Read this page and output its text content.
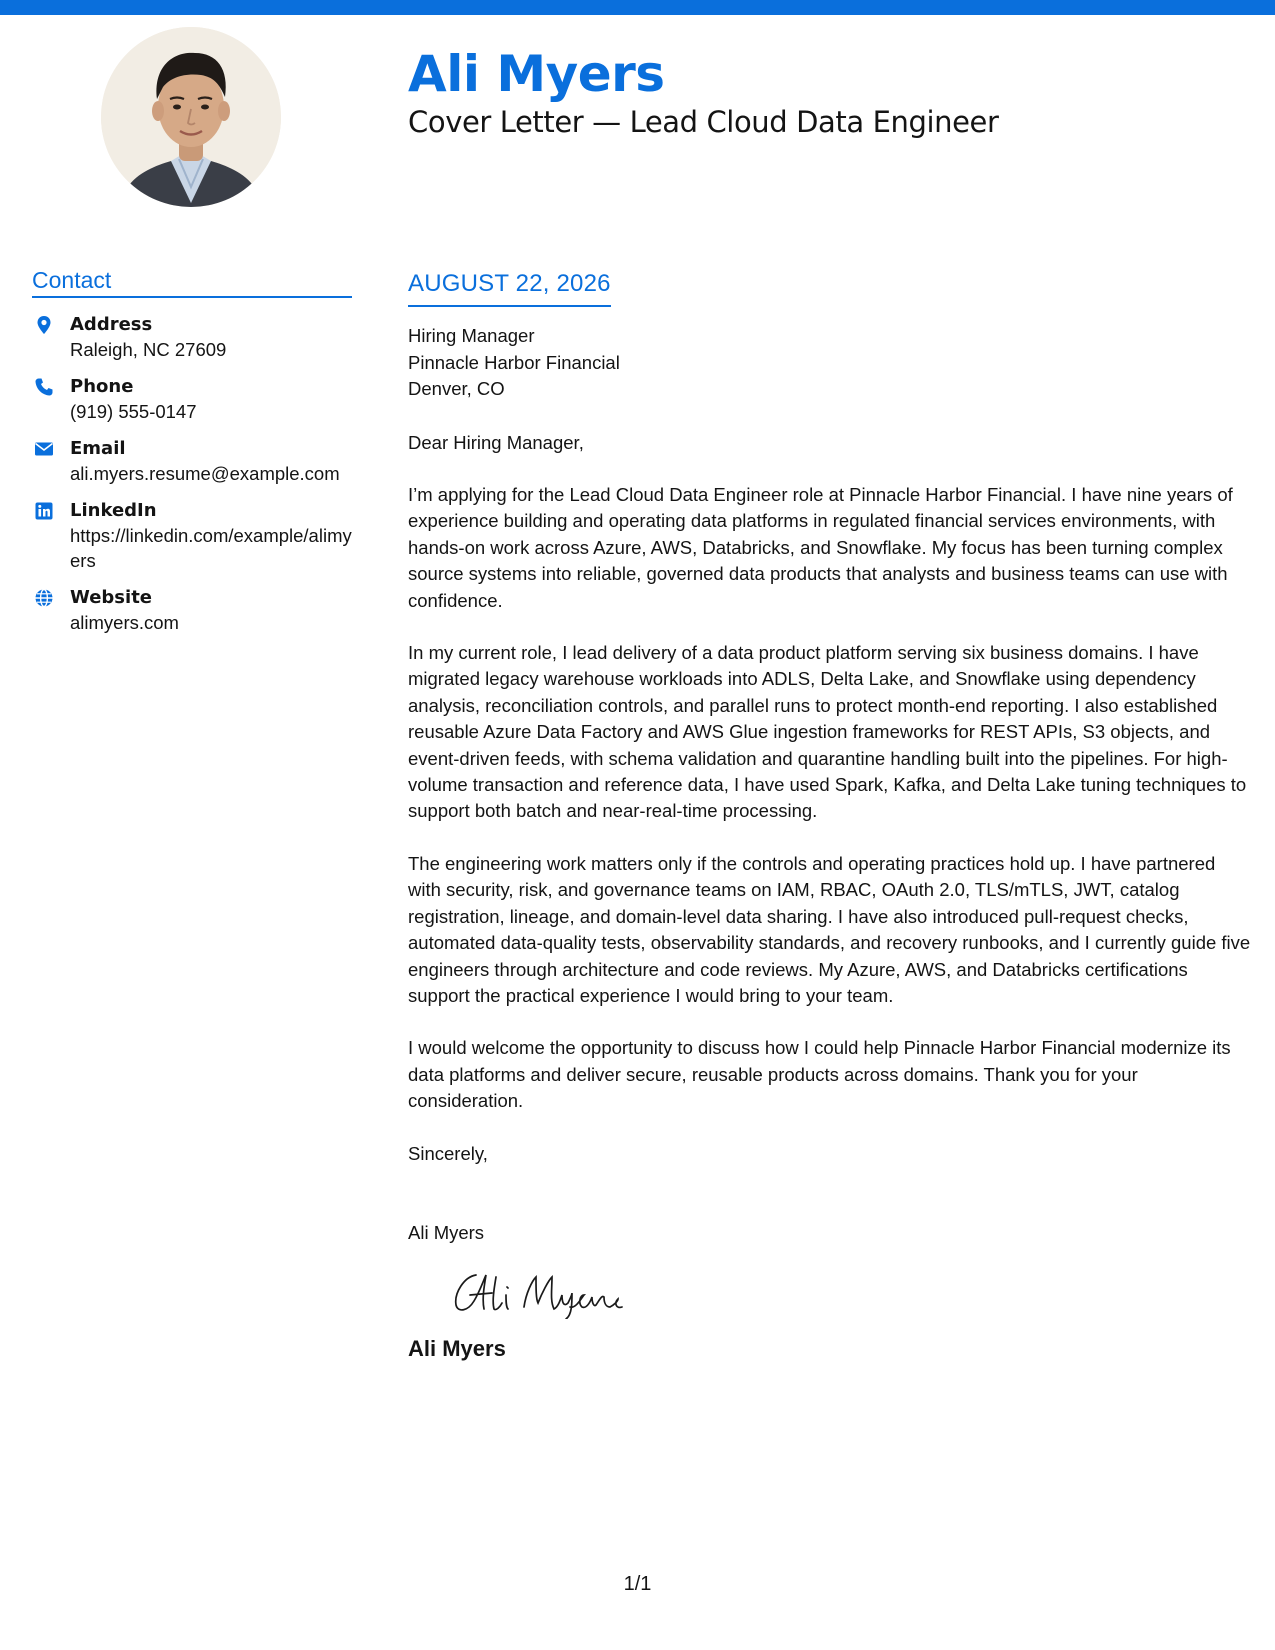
Ali Myers
Cover Letter — Lead Cloud Data Engineer
Contact
Address
Raleigh, NC 27609
Phone
(919) 555-0147
Email
ali.myers.resume@example.com
LinkedIn
https://linkedin.com/example/alimyers
Website
alimyers.com
AUGUST 22, 2026

Hiring Manager
Pinnacle Harbor Financial
Denver, CO

Dear Hiring Manager,

I’m applying for the Lead Cloud Data Engineer role at Pinnacle Harbor Financial. I have nine years of experience building and operating data platforms in regulated financial services environments, with hands-on work across Azure, AWS, Databricks, and Snowflake. My focus has been turning complex source systems into reliable, governed data products that analysts and business teams can use with confidence.

In my current role, I lead delivery of a data product platform serving six business domains. I have migrated legacy warehouse workloads into ADLS, Delta Lake, and Snowflake using dependency analysis, reconciliation controls, and parallel runs to protect month-end reporting. I also established reusable Azure Data Factory and AWS Glue ingestion frameworks for REST APIs, S3 objects, and event-driven feeds, with schema validation and quarantine handling built into the pipelines. For high-volume transaction and reference data, I have used Spark, Kafka, and Delta Lake tuning techniques to support both batch and near-real-time processing.

The engineering work matters only if the controls and operating practices hold up. I have partnered with security, risk, and governance teams on IAM, RBAC, OAuth 2.0, TLS/mTLS, JWT, catalog registration, lineage, and domain-level data sharing. I have also introduced pull-request checks, automated data-quality tests, observability standards, and recovery runbooks, and I currently guide five engineers through architecture and code reviews. My Azure, AWS, and Databricks certifications support the practical experience I would bring to your team.

I would welcome the opportunity to discuss how I could help Pinnacle Harbor Financial modernize its data platforms and deliver secure, reusable products across domains. Thank you for your consideration.

Sincerely,

Ali Myers

Ali Myers

1/1
